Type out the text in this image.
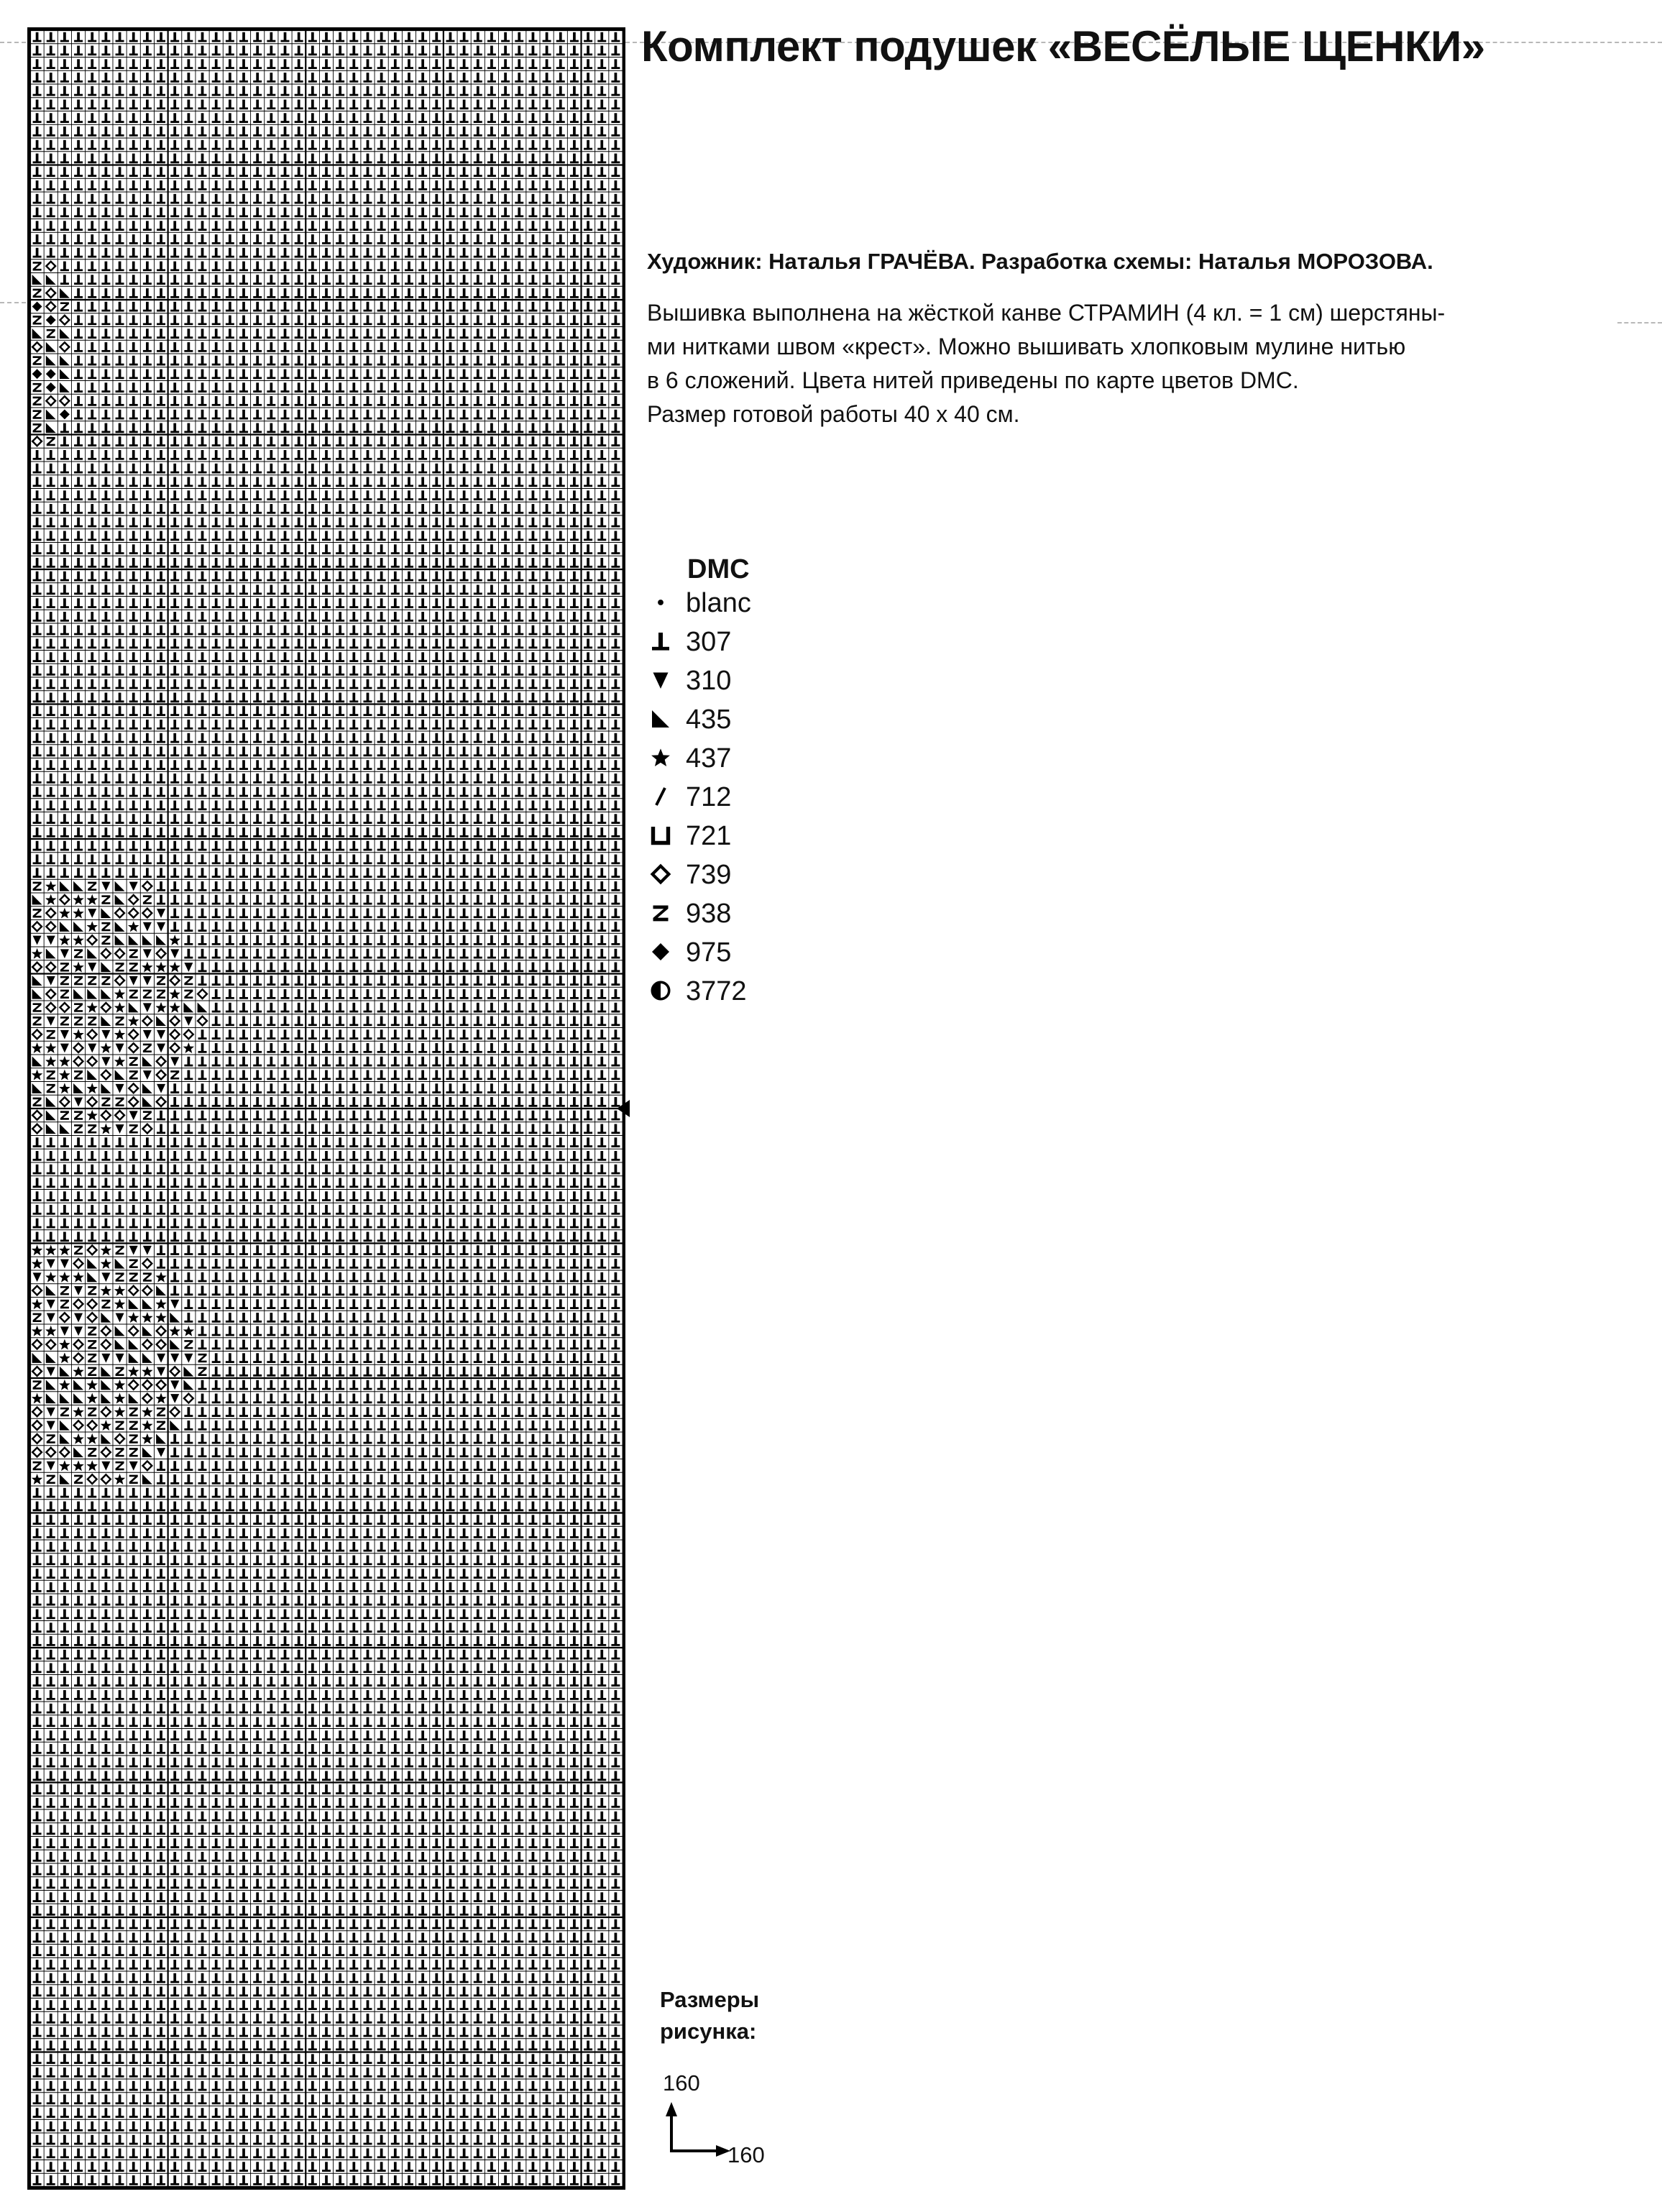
Комплект подушек «ВЕСЁЛЫЕ ЩЕНКИ»

Художник: Наталья ГРАЧЁВА. Разработка схемы: Наталья МОРОЗОВА.

Вышивка выполнена на жёсткой канве СТРАМИН (4 кл. = 1 см) шерстяны-
ми нитками швом «крест». Можно вышивать хлопковым мулине нитью
в 6 сложений. Цвета нитей приведены по карте цветов DMC.
Размер готовой работы 40 х 40 см.

DMC
blanc
307
310
435
437
712
721
739
938
975
3772

Размеры
рисунка:

160
160
